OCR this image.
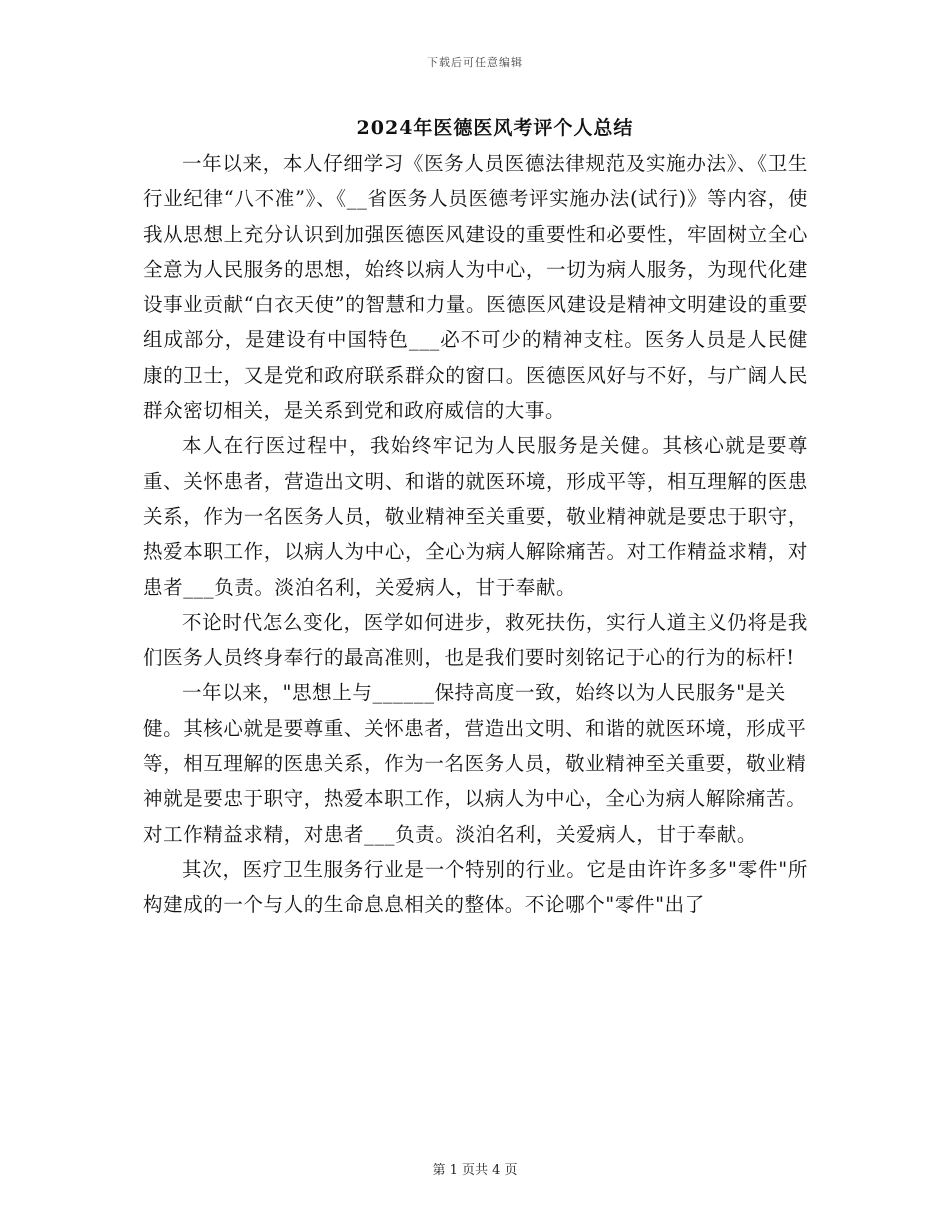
下载后可任意编辑
2024年医德医风考评个人总结

一年以来，本人仔细学习《医务人员医德法律规范及实施办法》、《卫生行业纪律“八不准”》、《__省医务人员医德考评实施办法(试行)》等内容，使我从思想上充分认识到加强医德医风建设的重要性和必要性，牢固树立全心全意为人民服务的思想，始终以病人为中心，一切为病人服务，为现代化建设事业贡献“白衣天使”的智慧和力量。医德医风建设是精神文明建设的重要组成部分，是建设有中国特色___必不可少的精神支柱。医务人员是人民健康的卫士，又是党和政府联系群众的窗口。医德医风好与不好，与广阔人民群众密切相关，是关系到党和政府威信的大事。

本人在行医过程中，我始终牢记为人民服务是关健。其核心就是要尊重、关怀患者，营造出文明、和谐的就医环境，形成平等，相互理解的医患关系，作为一名医务人员，敬业精神至关重要，敬业精神就是要忠于职守，热爱本职工作，以病人为中心，全心为病人解除痛苦。对工作精益求精，对患者___负责。淡泊名利，关爱病人，甘于奉献。

不论时代怎么变化，医学如何进步，救死扶伤，实行人道主义仍将是我们医务人员终身奉行的最高准则，也是我们要时刻铭记于心的行为的标杆!

一年以来，"思想上与______保持高度一致，始终以为人民服务"是关健。其核心就是要尊重、关怀患者，营造出文明、和谐的就医环境，形成平等，相互理解的医患关系，作为一名医务人员，敬业精神至关重要，敬业精神就是要忠于职守，热爱本职工作，以病人为中心，全心为病人解除痛苦。对工作精益求精，对患者___负责。淡泊名利，关爱病人，甘于奉献。

其次，医疗卫生服务行业是一个特别的行业。它是由许许多多"零件"所构建成的一个与人的生命息息相关的整体。不论哪个"零件"出了

第 1 页共 4 页
